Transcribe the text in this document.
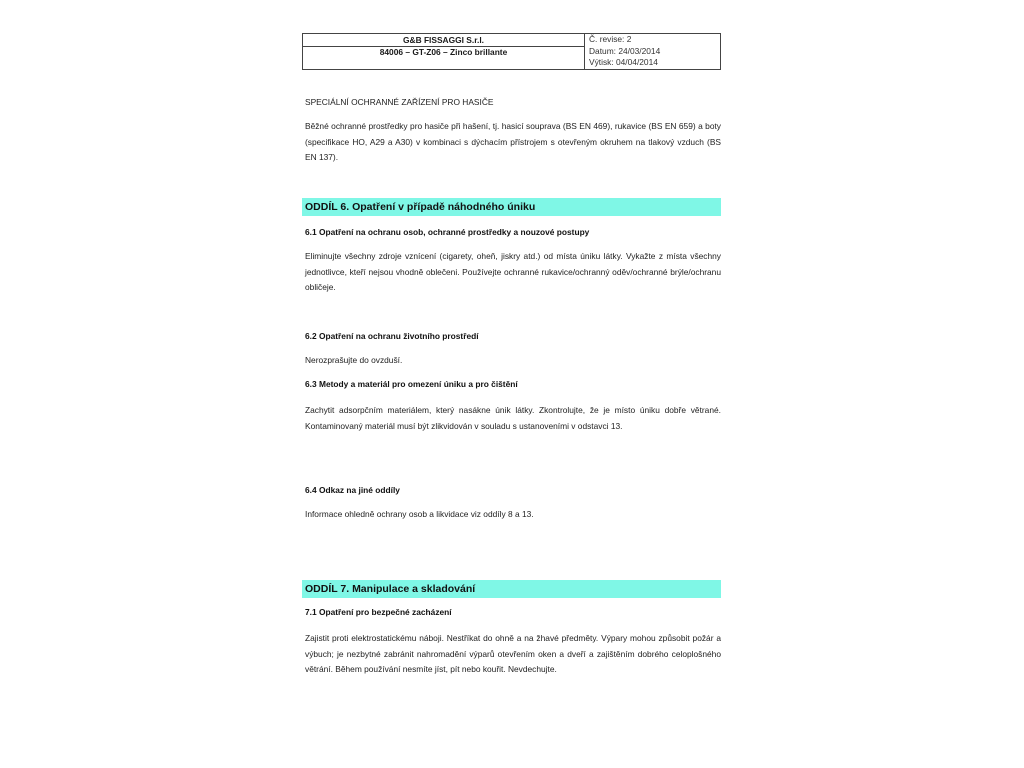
G&B FISSAGGI S.r.l.
84006 – GT-Z06 – Zinco brillante
Č. revise: 2
Datum: 24/03/2014
Výtisk: 04/04/2014
SPECIÁLNÍ OCHRANNÉ ZAŘÍZENÍ PRO HASIČE
Běžné ochranné prostředky pro hasiče při hašení, tj. hasicí souprava (BS EN 469), rukavice (BS EN 659) a boty (specifikace HO, A29 a A30) v kombinaci s dýchacím přístrojem s otevřeným okruhem na tlakový vzduch (BS EN 137).
6.1 Opatření na ochranu osob, ochranné prostředky a nouzové postupy
Eliminujte všechny zdroje vznícení (cigarety, oheň, jiskry atd.) od místa úniku látky. Vykažte z místa všechny jednotlivce, kteří nejsou vhodně oblečeni. Používejte ochranné rukavice/ochranný oděv/ochranné brýle/ochranu obličeje.
6.2 Opatření na ochranu životního prostředí
Nerozprašujte do ovzduší.
6.3 Metody a materiál pro omezení úniku a pro čištění
Zachytit adsorpčním materiálem, který nasákne únik látky. Zkontrolujte, že je místo úniku dobře větrané. Kontaminovaný materiál musí být zlikvidován v souladu s ustanoveními v odstavci 13.
6.4 Odkaz na jiné oddíly
Informace ohledně ochrany osob a likvidace viz oddíly 8 a 13.
7.1 Opatření pro bezpečné zacházení
Zajistit proti elektrostatickému náboji. Nestříkat do ohně a na žhavé předměty. Výpary mohou způsobit požár a výbuch; je nezbytné zabránit nahromadění výparů otevřením oken a dveří a zajištěním dobrého celoplošného větrání. Během používání nesmíte jíst, pít nebo kouřit. Nevdechujte.
ODDÍL 6. Opatření v případě náhodného úniku
ODDÍL 7. Manipulace a skladování
